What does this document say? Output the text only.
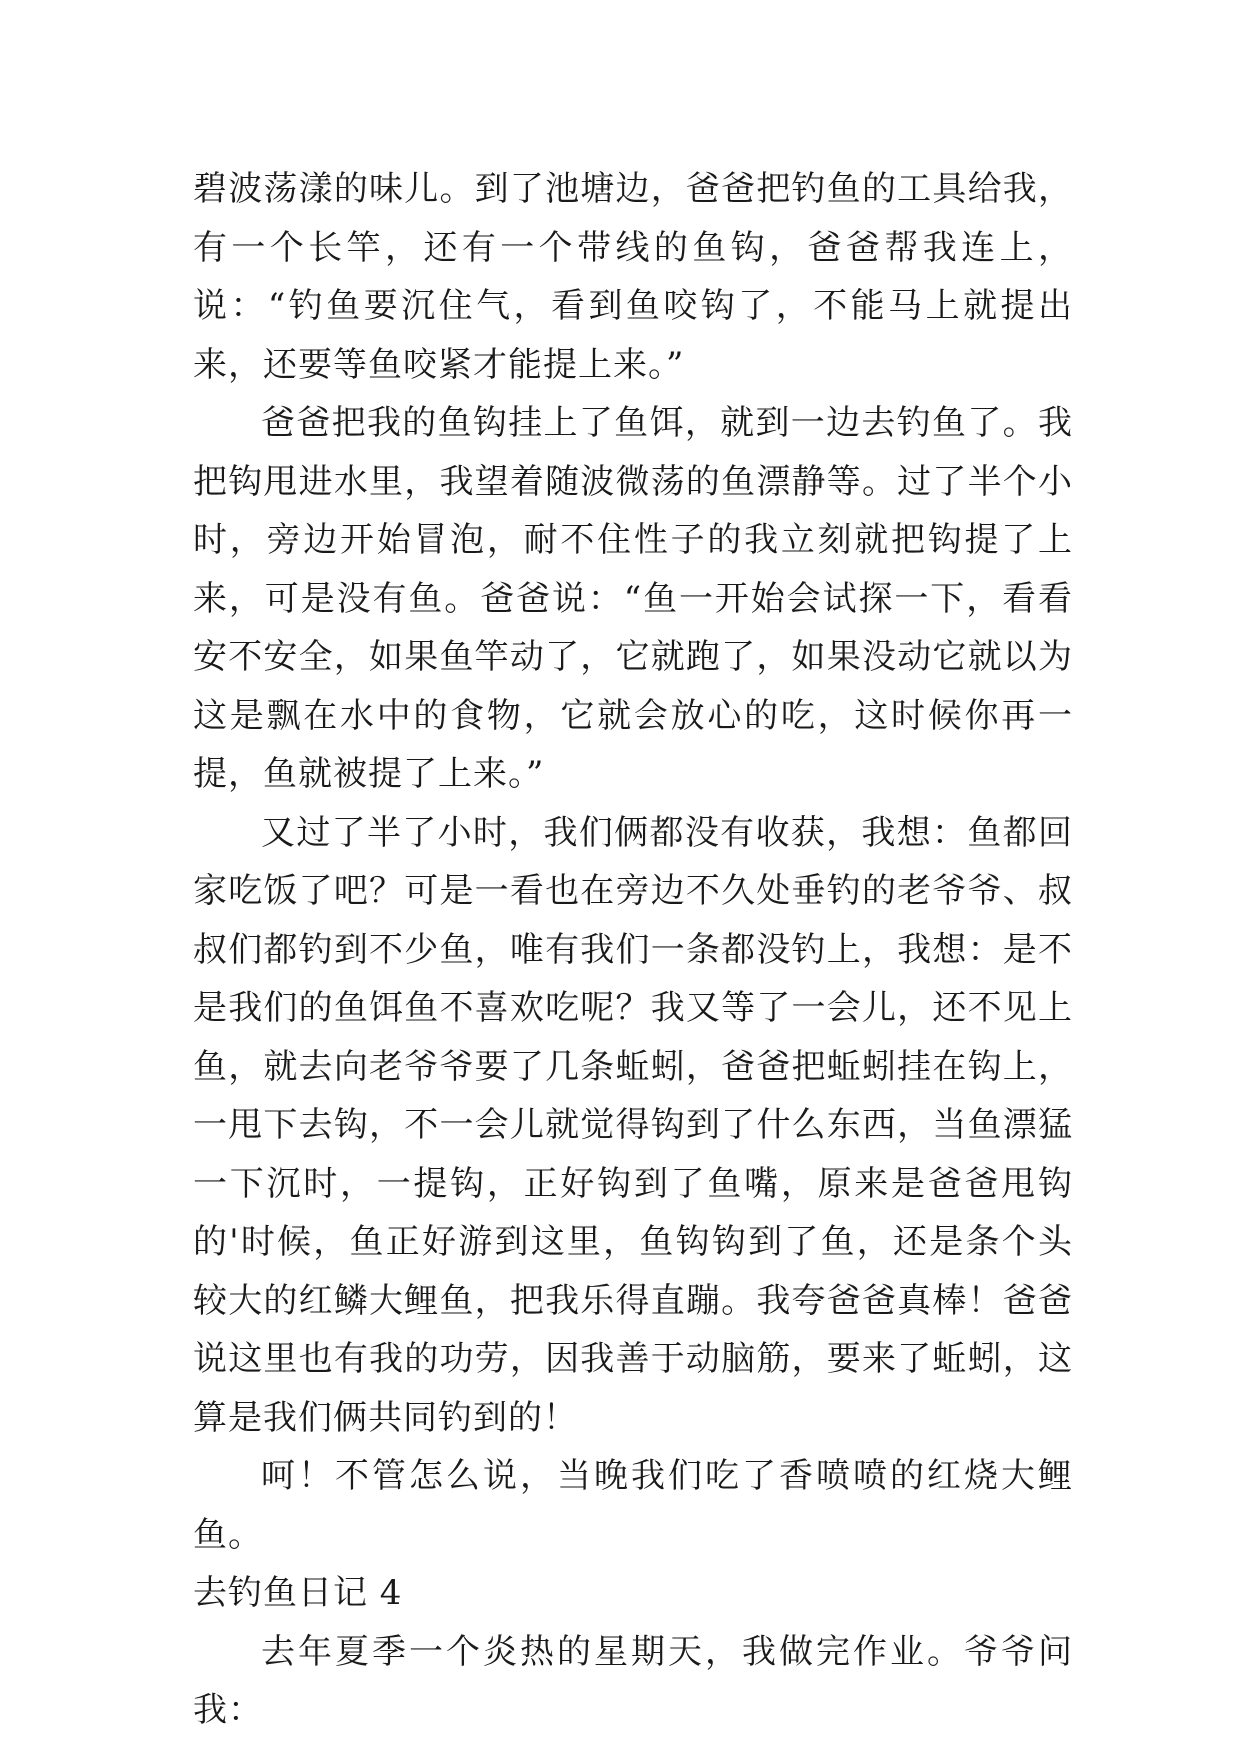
碧波荡漾的味儿。到了池塘边，爸爸把钓鱼的工具给我，有一个长竿，还有一个带线的鱼钩，爸爸帮我连上，说：“钓鱼要沉住气，看到鱼咬钩了，不能马上就提出来，还要等鱼咬紧才能提上来。”

爸爸把我的鱼钩挂上了鱼饵，就到一边去钓鱼了。我把钩甩进水里，我望着随波微荡的鱼漂静等。过了半个小时，旁边开始冒泡，耐不住性子的我立刻就把钩提了上来，可是没有鱼。爸爸说：“鱼一开始会试探一下，看看安不安全，如果鱼竿动了，它就跑了，如果没动它就以为这是飘在水中的食物，它就会放心的吃，这时候你再一提，鱼就被提了上来。”

又过了半了小时，我们俩都没有收获，我想：鱼都回家吃饭了吧？可是一看也在旁边不久处垂钓的老爷爷、叔叔们都钓到不少鱼，唯有我们一条都没钓上，我想：是不是我们的鱼饵鱼不喜欢吃呢？我又等了一会儿，还不见上鱼，就去向老爷爷要了几条蚯蚓，爸爸把蚯蚓挂在钩上，一甩下去钩，不一会儿就觉得钩到了什么东西，当鱼漂猛一下沉时，一提钩，正好钩到了鱼嘴，原来是爸爸甩钩的'时候，鱼正好游到这里，鱼钩钩到了鱼，还是条个头较大的红鳞大鲤鱼，把我乐得直蹦。我夸爸爸真棒！爸爸说这里也有我的功劳，因我善于动脑筋，要来了蚯蚓，这算是我们俩共同钓到的！

呵！不管怎么说，当晚我们吃了香喷喷的红烧大鲤鱼。

去钓鱼日记 4

去年夏季一个炎热的星期天，我做完作业。爷爷问我：
